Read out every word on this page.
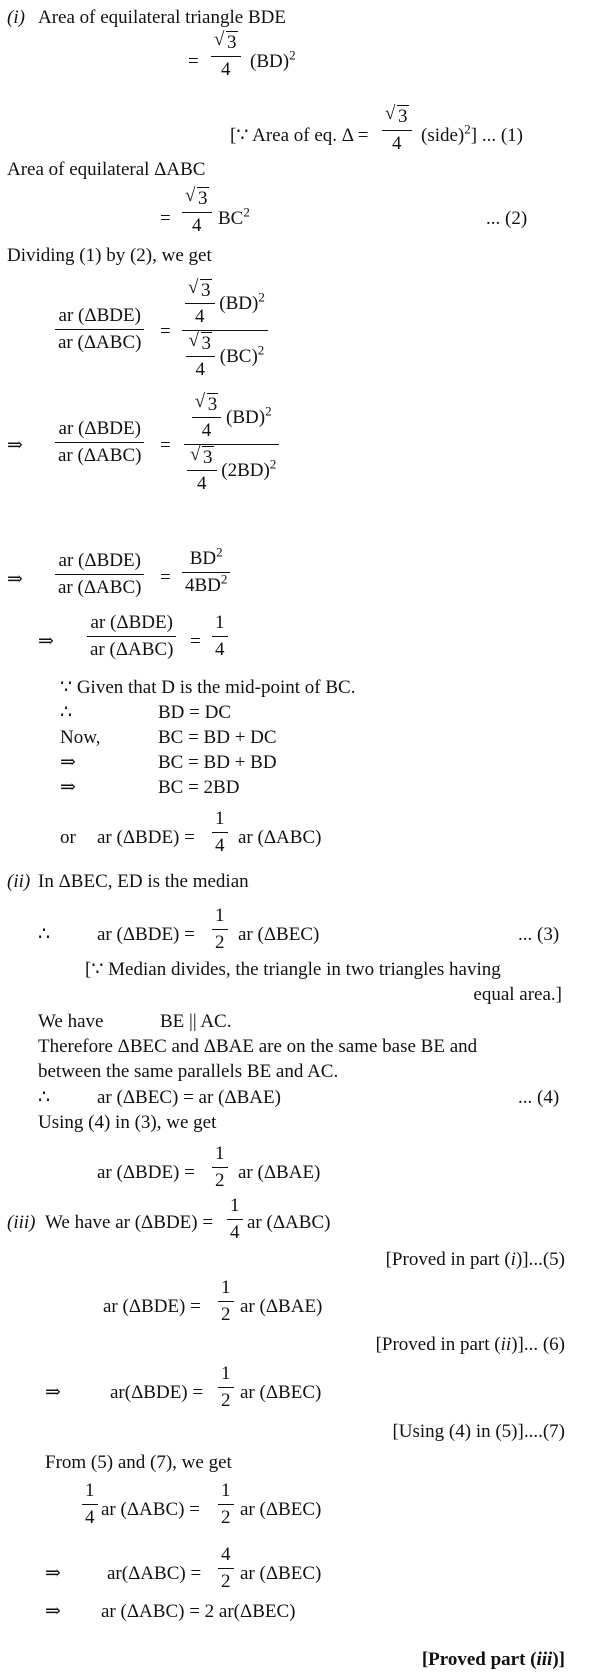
(i) Area of equilateral triangle BDE
= $\frac{√ 3}{4} (BD)^2$
[∵ Area of eq. $\Delta = \frac{√ 3}{4}$ (side)$^2$] ... (1)
Area of equilateral ΔABC
= $\frac{√ 3}{4} BC^2$	... (2)
Dividing (1) by (2), we get
ar (ΔBDE)
ar (ΔABC)
= $\frac{\frac{√ 3}{4} (BD)^2}{\frac{√ 3}{4} (BC)^2}$
⇒
ar (ΔBDE)
ar $(\Delta ABC) = \frac{\frac{√ 3}{4} (BD)^2}{\frac{√ 3}{4} (2BD)^2}$
⇒
ar (ΔBDE)
ar $(\Delta ABC) = \frac{BD^2}{4BD^2}$
⇒
ar (ΔBDE)
ar $(\Delta ABC) = \frac{1}{4}$
∵ Given that D is the mid-point of BC.
∴	BD = DC
Now,	BC = BD + DC
⇒	BC = BD + BD
⇒	BC = 2BD
or ar $(\Delta BDE) = \frac{1}{4}$ ar (ΔABC)
(ii) In ΔBEC, ED is the median
∴ ar $(\Delta BDE) = \frac{1}{2}$ ar (ΔBEC)	... (3)
[∵ Median divides, the triangle in two triangles having
equal area.]
We have	BE || AC.
Therefore ΔBEC and ΔBAE are on the same base BE and
between the same parallels BE and AC.
∴ ar (ΔBEC) = ar (ΔBAE)	... (4)
Using (4) in (3), we get
ar $(\Delta BDE) = \frac{1}{2}$ ar (ΔBAE)
(iii) We have ar $(\Delta BDE) = \frac{1}{4}$ ar (ΔABC)
[Proved in part (i)]...(5)
ar $(\Delta BDE) = \frac{1}{2}$ ar (ΔBAE)
[Proved in part (ii)]... (6)
⇒	$ar(\Delta BDE) = \frac{1}{2}$ ar (ΔBEC)
[Using (4) in (5)]....(7)
From (5) and (7), we get
$\frac{1}{4}$ ar $(\Delta ABC) = \frac{1}{2}$ ar (ΔBEC)
⇒ $ar(\Delta ABC) = \frac{4}{2}$ ar (ΔBEC)
⇒ ar (ΔABC) = 2 ar(ΔBEC)
[Proved part (iii)]
